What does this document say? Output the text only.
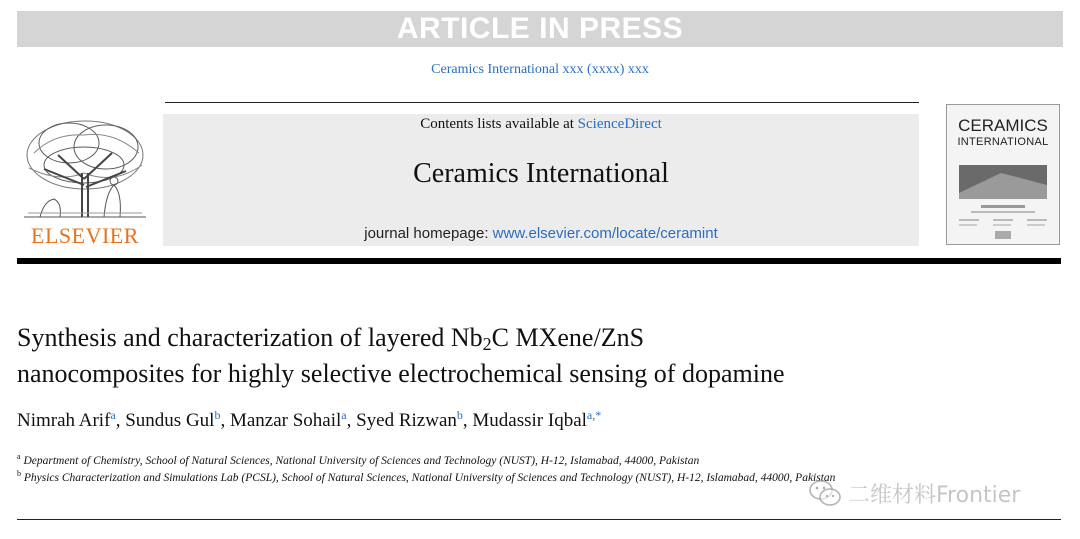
ARTICLE IN PRESS
Ceramics International xxx (xxxx) xxx
ELSEVIER
Contents lists available at ScienceDirect
Ceramics International
journal homepage: www.elsevier.com/locate/ceramint
CERAMICS
INTERNATIONAL
Synthesis and characterization of layered $Nb_2C$ MXene/ZnS
nanocomposites for highly selective electrochemical sensing of dopamine
Nimrah Arif$^a$, Sundus Gul$^b$, Manzar Sohail$^a$, Syed Rizwan$^b$, Mudassir Iqbal$^{a,*}$
$^a$ Department of Chemistry, School of Natural Sciences, National University of Sciences and Technology (NUST), H-12, Islamabad, 44000, Pakistan
$^b$ Physics Characterization and Simulations Lab (PCSL), School of Natural Sciences, National University of Sciences and Technology (NUST), H-12, Islamabad, 44000, Pakistan
二维材料Frontier
